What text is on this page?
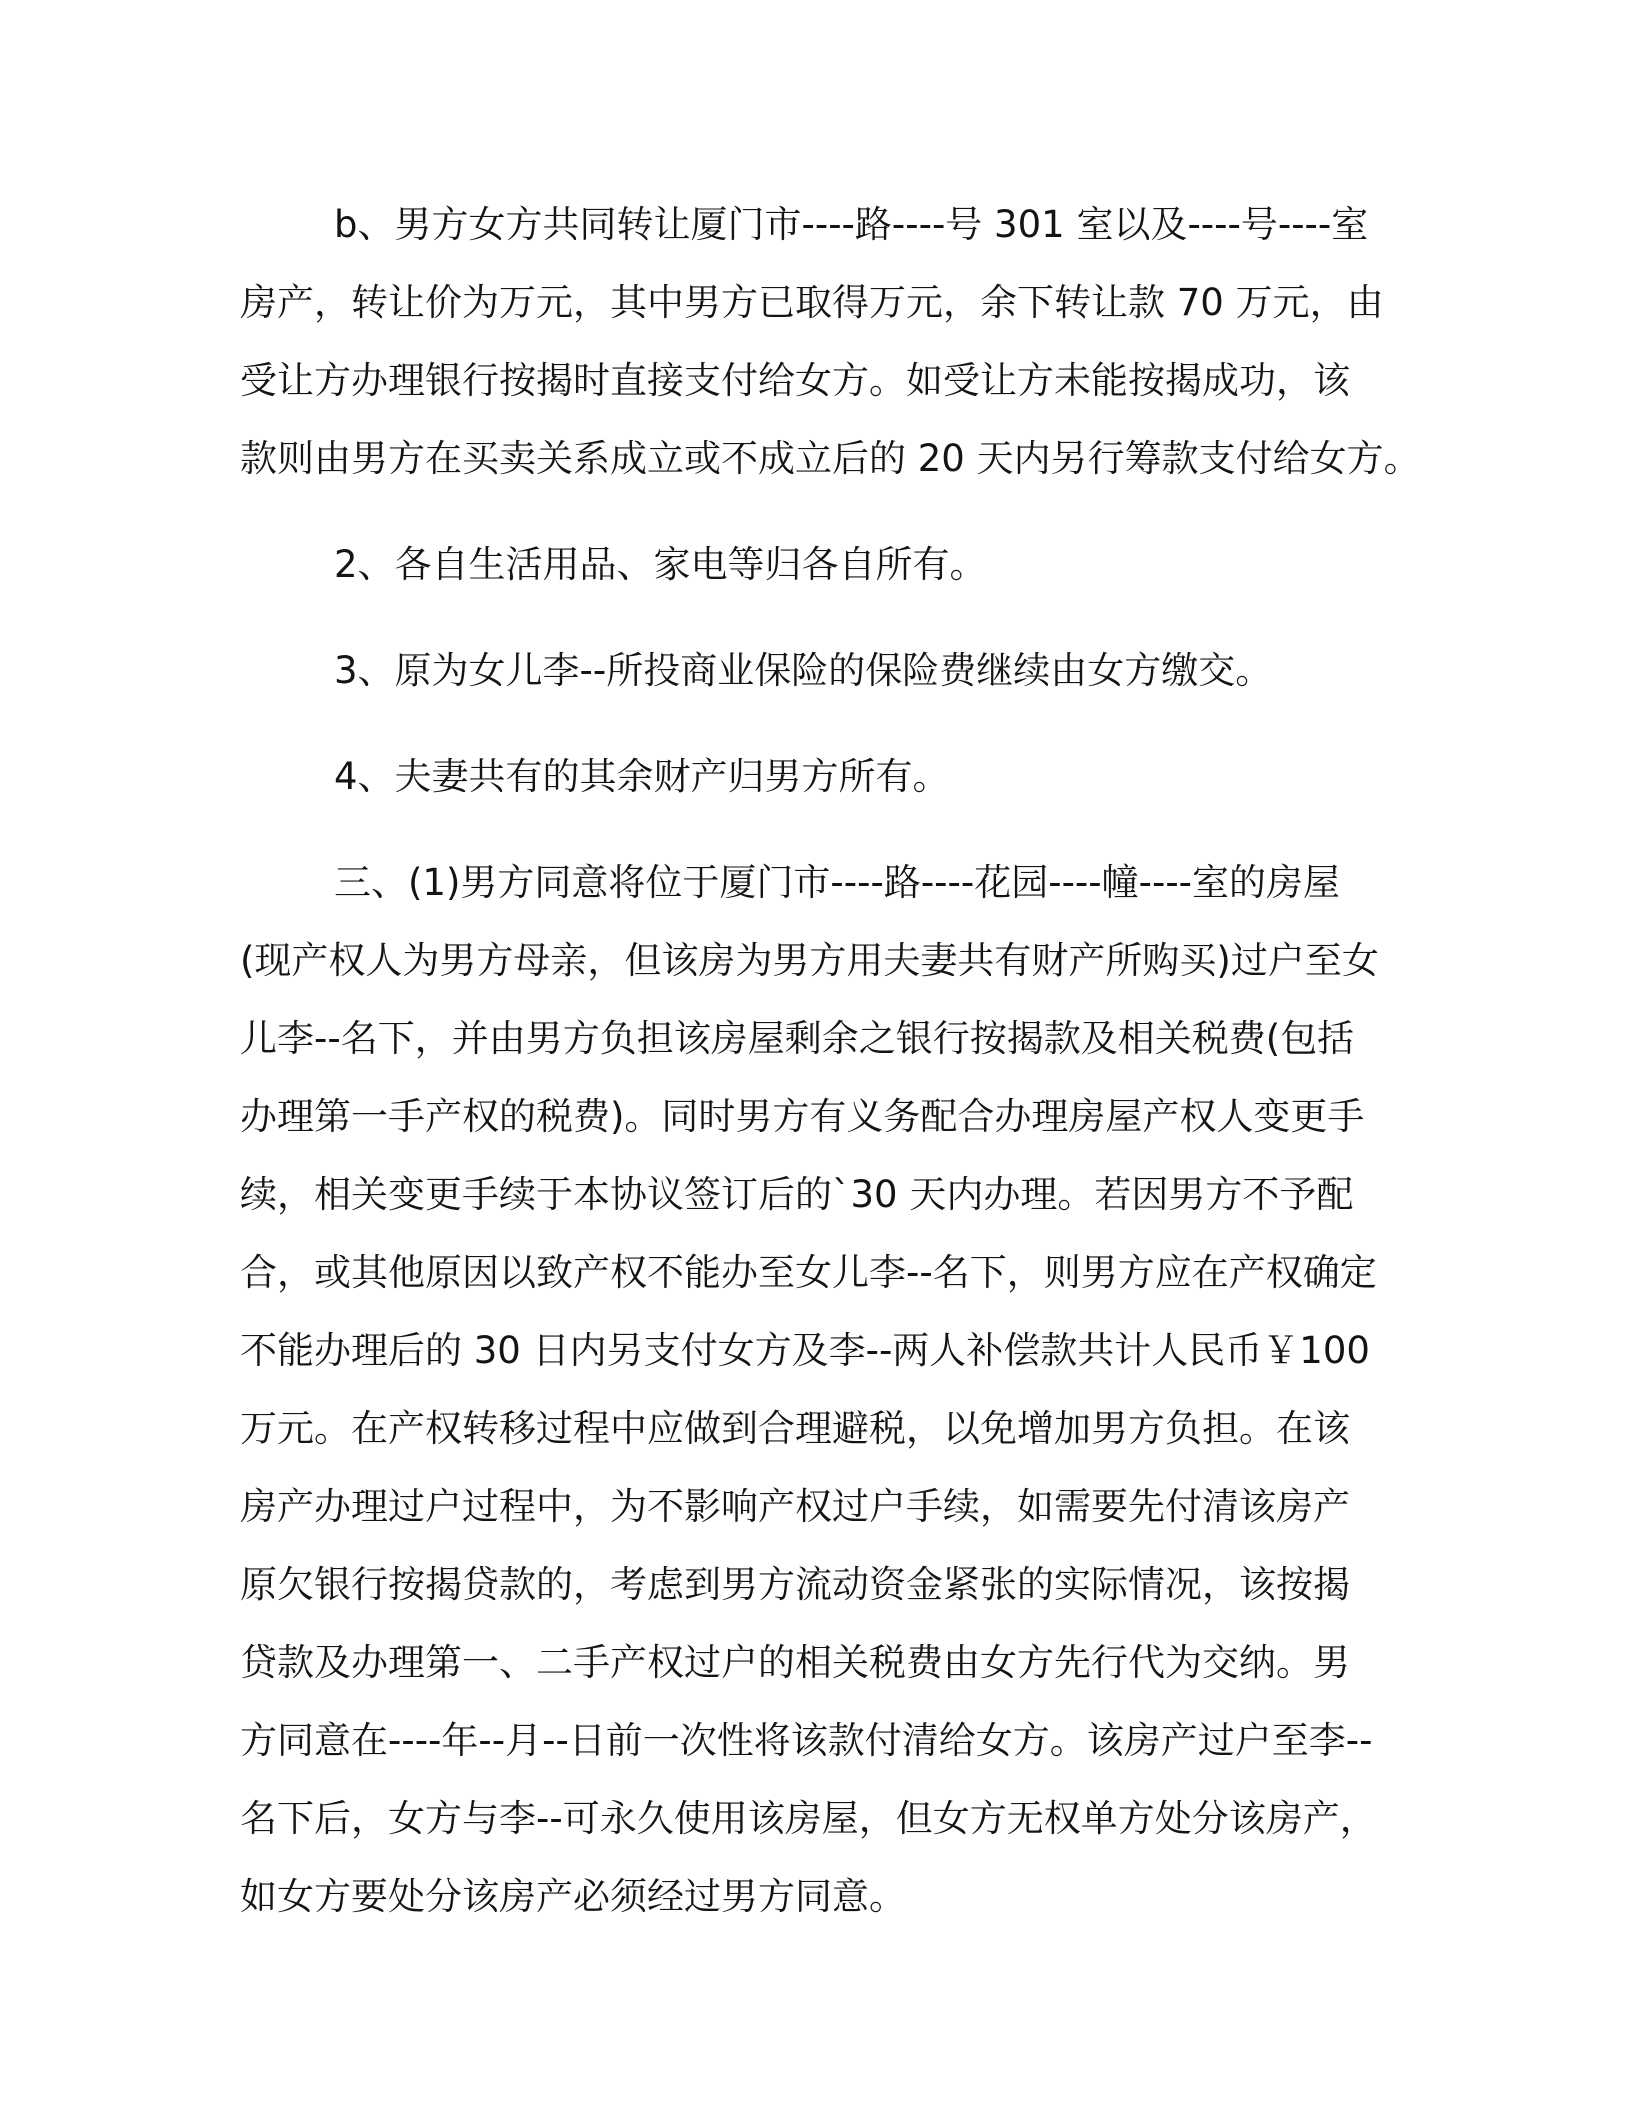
b、男方女方共同转让厦门市----路----号 301 室以及----号----室
房产，转让价为万元，其中男方已取得万元，余下转让款 70 万元，由
受让方办理银行按揭时直接支付给女方。如受让方未能按揭成功，该
款则由男方在买卖关系成立或不成立后的 20 天内另行筹款支付给女方。
2、各自生活用品、家电等归各自所有。
3、原为女儿李--所投商业保险的保险费继续由女方缴交。
4、夫妻共有的其余财产归男方所有。
三、(1)男方同意将位于厦门市----路----花园----幢----室的房屋
(现产权人为男方母亲，但该房为男方用夫妻共有财产所购买)过户至女
儿李--名下，并由男方负担该房屋剩余之银行按揭款及相关税费(包括
办理第一手产权的税费)。同时男方有义务配合办理房屋产权人变更手
续，相关变更手续于本协议签订后的`30 天内办理。若因男方不予配
合，或其他原因以致产权不能办至女儿李--名下，则男方应在产权确定
不能办理后的 30 日内另支付女方及李--两人补偿款共计人民币￥100
万元。在产权转移过程中应做到合理避税，以免增加男方负担。在该
房产办理过户过程中，为不影响产权过户手续，如需要先付清该房产
原欠银行按揭贷款的，考虑到男方流动资金紧张的实际情况，该按揭
贷款及办理第一、二手产权过户的相关税费由女方先行代为交纳。男
方同意在----年--月--日前一次性将该款付清给女方。该房产过户至李--
名下后，女方与李--可永久使用该房屋，但女方无权单方处分该房产，
如女方要处分该房产必须经过男方同意。
